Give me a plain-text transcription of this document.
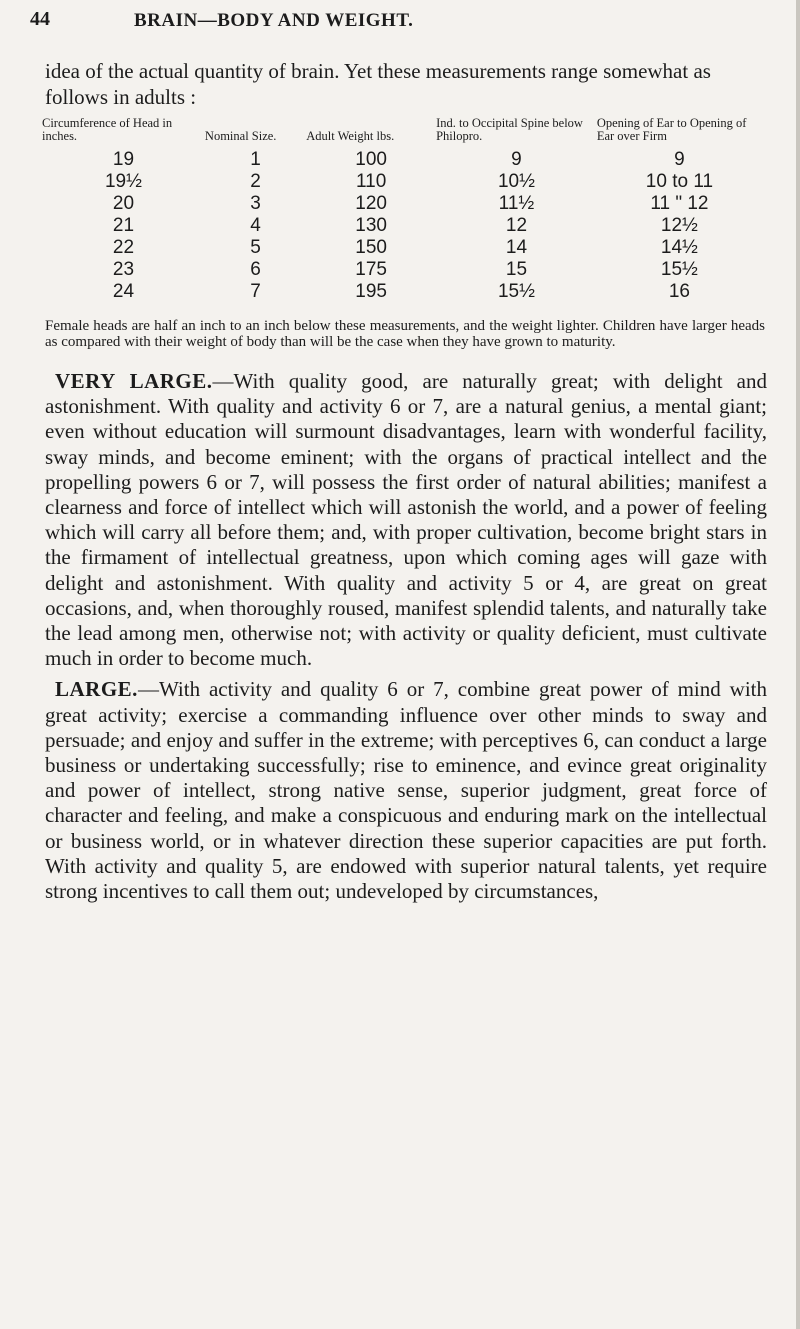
44	BRAIN—BODY AND WEIGHT.

idea of the actual quantity of brain. Yet these measurements range somewhat as follows in adults :

Circumference of Head in inches.	Nominal Size.	Adult Weight lbs.	Ind. to Occipital Spine below Philopro.	Opening of Ear to Opening of Ear over Firm
19	1	100	9	9
19½	2	110	10½	10 to 11
20	3	120	11½	11 " 12
21	4	130	12	12½
22	5	150	14	14½
23	6	175	15	15½
24	7	195	15½	16

Female heads are half an inch to an inch below these measurements, and the weight lighter. Children have larger heads as compared with their weight of body than will be the case when they have grown to maturity.

VERY LARGE.—With quality good, are naturally great; with delight and astonishment. With quality and activity 6 or 7, are a natural genius, a mental giant; even without education will surmount disadvantages, learn with wonderful facility, sway minds, and become eminent; with the organs of practical intellect and the propelling powers 6 or 7, will possess the first order of natural abilities; manifest a clearness and force of intellect which will astonish the world, and a power of feeling which will carry all before them; and, with proper cultivation, become bright stars in the firmament of intellectual greatness, upon which coming ages will gaze with delight and astonishment. With quality and activity 5 or 4, are great on great occasions, and, when thoroughly roused, manifest splendid talents, and naturally take the lead among men, otherwise not; with activity or quality deficient, must cultivate much in order to become much.

LARGE.—With activity and quality 6 or 7, combine great power of mind with great activity; exercise a commanding influence over other minds to sway and persuade; and enjoy and suffer in the extreme; with perceptives 6, can conduct a large business or undertaking successfully; rise to eminence, and evince great originality and power of intellect, strong native sense, superior judgment, great force of character and feeling, and make a conspicuous and enduring mark on the intellectual or business world, or in whatever direction these superior capacities are put forth. With activity and quality 5, are endowed with superior natural talents, yet require strong incentives to call them out; undeveloped by circumstances,
